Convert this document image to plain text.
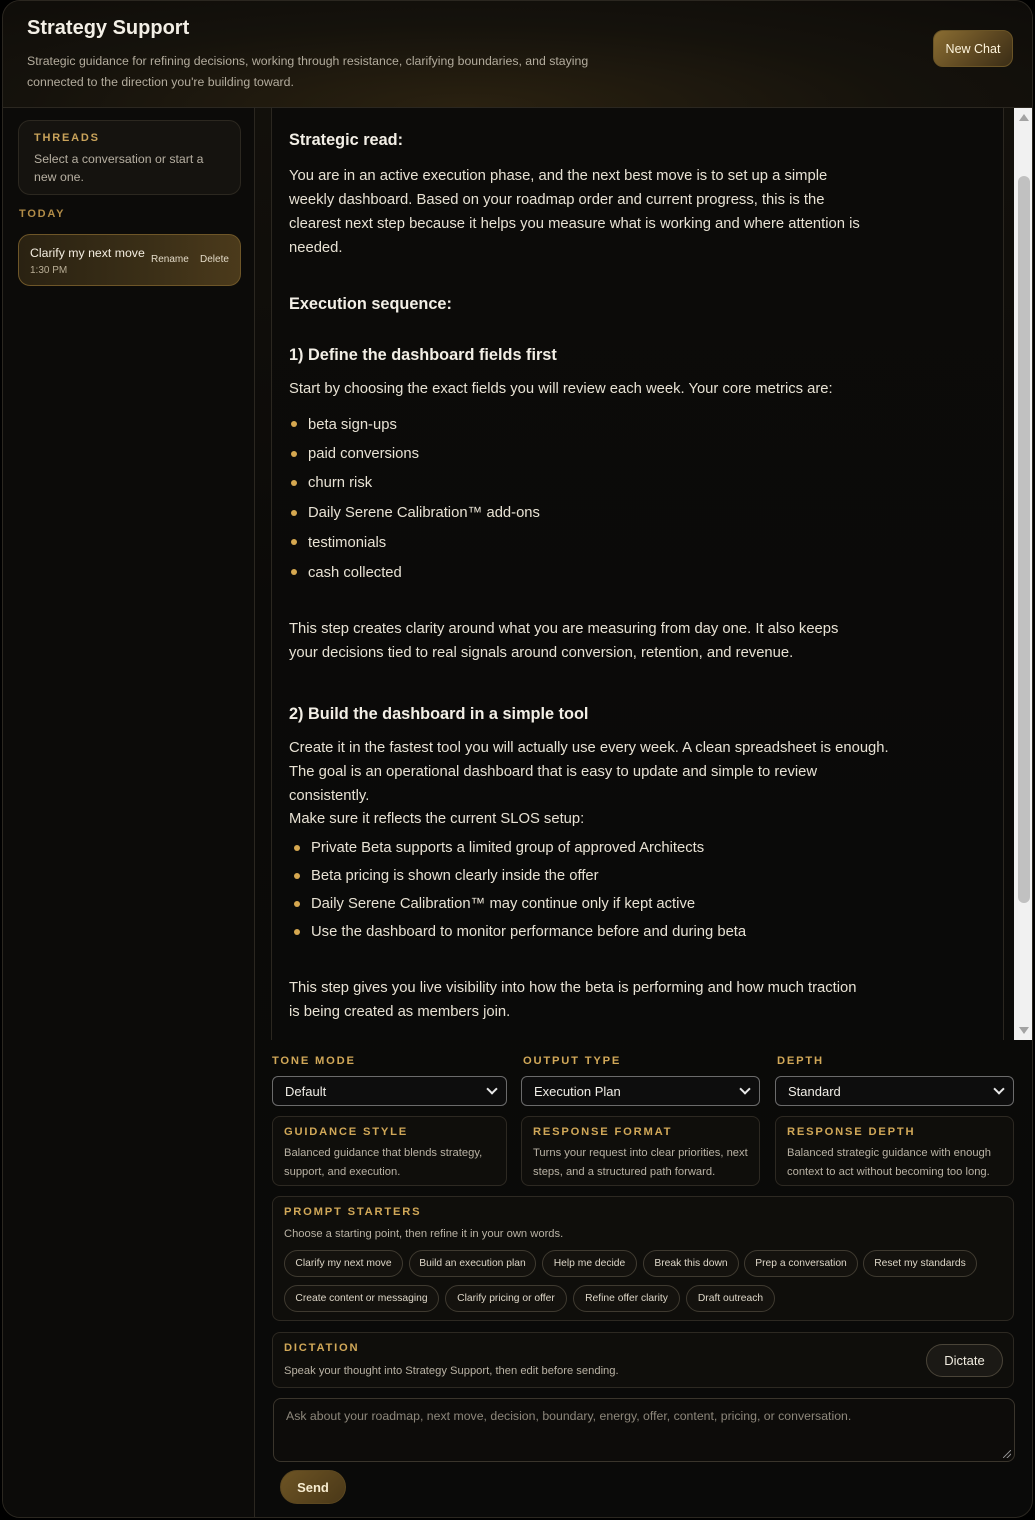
Strategy Support

Strategic guidance for refining decisions, working through resistance, clarifying boundaries, and staying connected to the direction you're building toward.

New Chat
THREADS
Select a conversation or start a new one.
TODAY
Clarify my next move
1:30 PM
Rename Delete
Strategic read:
You are in an active execution phase, and the next best move is to set up a simple weekly dashboard. Based on your roadmap order and current progress, this is the clearest next step because it helps you measure what is working and where attention is needed.
Execution sequence:
1) Define the dashboard fields first
Start by choosing the exact fields you will review each week. Your core metrics are:
beta sign-ups
paid conversions
churn risk
Daily Serene Calibration™ add-ons
testimonials
cash collected
This step creates clarity around what you are measuring from day one. It also keeps your decisions tied to real signals around conversion, retention, and revenue.
2) Build the dashboard in a simple tool
Create it in the fastest tool you will actually use every week. A clean spreadsheet is enough. The goal is an operational dashboard that is easy to update and simple to review consistently.
Make sure it reflects the current SLOS setup:
Private Beta supports a limited group of approved Architects
Beta pricing is shown clearly inside the offer
Daily Serene Calibration™ may continue only if kept active
Use the dashboard to monitor performance before and during beta
This step gives you live visibility into how the beta is performing and how much traction is being created as members join.
TONE MODE	OUTPUT TYPE	DEPTH
Default	Execution Plan	Standard
GUIDANCE STYLE
Balanced guidance that blends strategy, support, and execution.
RESPONSE FORMAT
Turns your request into clear priorities, next steps, and a structured path forward.
RESPONSE DEPTH
Balanced strategic guidance with enough context to act without becoming too long.
PROMPT STARTERS
Choose a starting point, then refine it in your own words.
Clarify my next move	Build an execution plan	Help me decide	Break this down	Prep a conversation	Reset my standards
Create content or messaging	Clarify pricing or offer	Refine offer clarity	Draft outreach
DICTATION
Speak your thought into Strategy Support, then edit before sending.
Dictate
Ask about your roadmap, next move, decision, boundary, energy, offer, content, pricing, or conversation.
Send
